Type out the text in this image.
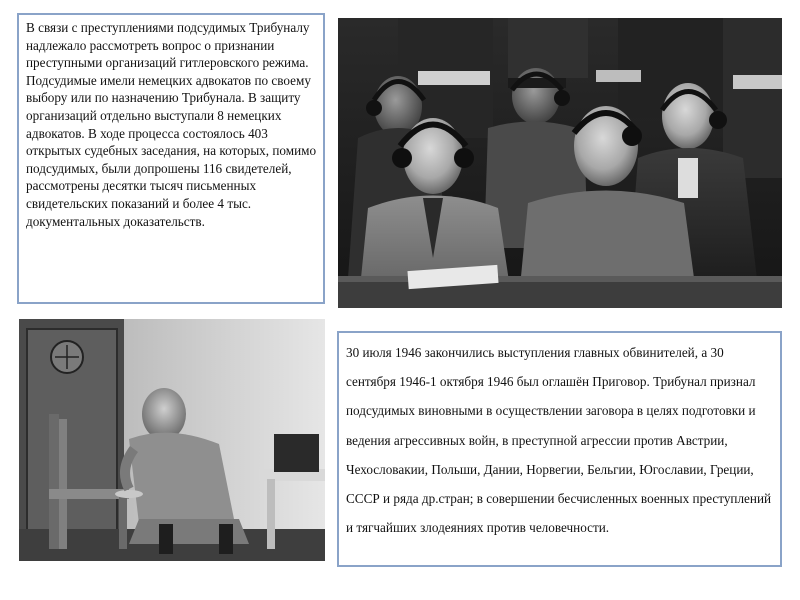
В связи с преступлениями подсудимых Трибуналу надлежало рассмотреть вопрос о признании преступными организаций гитлеровского режима. Подсудимые имели немецких адвокатов по своему выбору или по назначению Трибунала. В защиту организаций отдельно выступали 8 немецких адвокатов. В ходе процесса состоялось 403 открытых судебных заседания, на которых, помимо подсудимых, были допрошены 116 свидетелей, рассмотрены десятки тысяч письменных свидетельских показаний и более 4 тыс. документальных доказательств.
30 июля 1946 закончились выступления главных обвинителей, а 30 сентября 1946-1 октября 1946 был оглашён Приговор. Трибунал признал подсудимых виновными в осуществлении заговора в целях подготовки и ведения агрессивных войн, в преступной агрессии против Австрии, Чехословакии, Польши, Дании, Норвегии, Бельгии, Югославии, Греции, СССР и ряда др.стран; в совершении бесчисленных военных преступлений и тягчайших злодеяниях против человечности.
